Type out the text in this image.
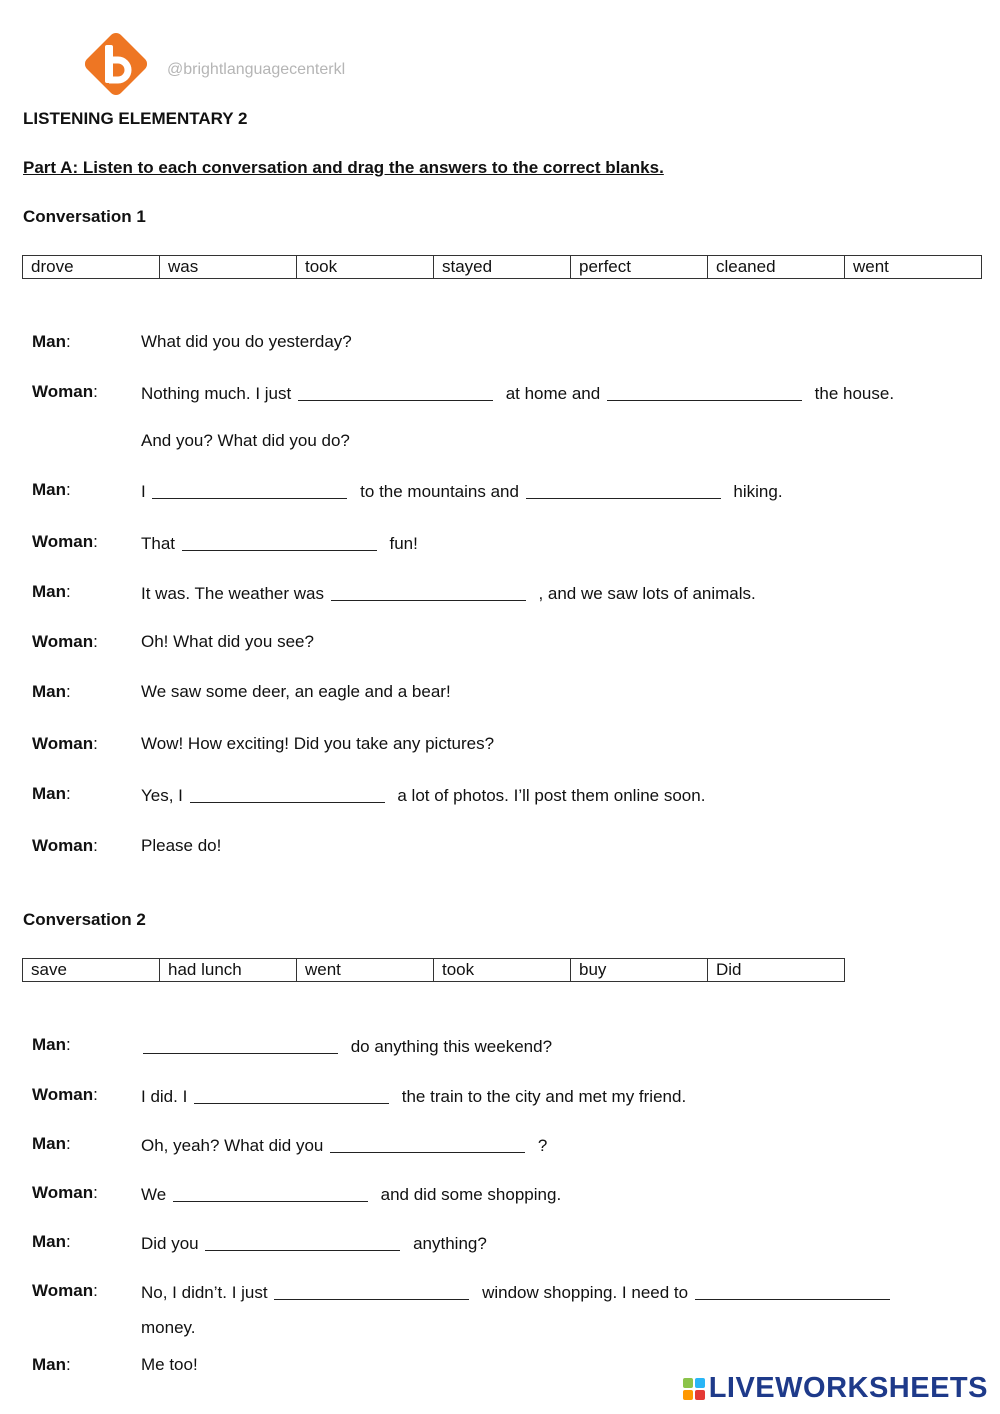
@brightlanguagecenterkl
LISTENING ELEMENTARY 2
Part A: Listen to each conversation and drag the answers to the correct blanks.
Conversation 1
drove	was	took	stayed	perfect	cleaned	went
Man:	What did you do yesterday?
Woman:	Nothing much. I just	at home and	the house.
And you? What did you do?
Man:	I	to the mountains and	hiking.
Woman:	That	fun!
Man:	It was. The weather was	, and we saw lots of animals.
Woman:	Oh! What did you see?
Man:	We saw some deer, an eagle and a bear!
Woman:	Wow! How exciting! Did you take any pictures?
Man:	Yes, I	a lot of photos. I’ll post them online soon.
Woman:	Please do!
Conversation 2
save	had lunch	went	took	buy	Did
Man:	do anything this weekend?
Woman:	I did. I	the train to the city and met my friend.
Man:	Oh, yeah? What did you	?
Woman:	We	and did some shopping.
Man:	Did you	anything?
Woman:	No, I didn’t. I just	window shopping. I need to
money.
Man:	Me too!
LIVEWORKSHEETS
